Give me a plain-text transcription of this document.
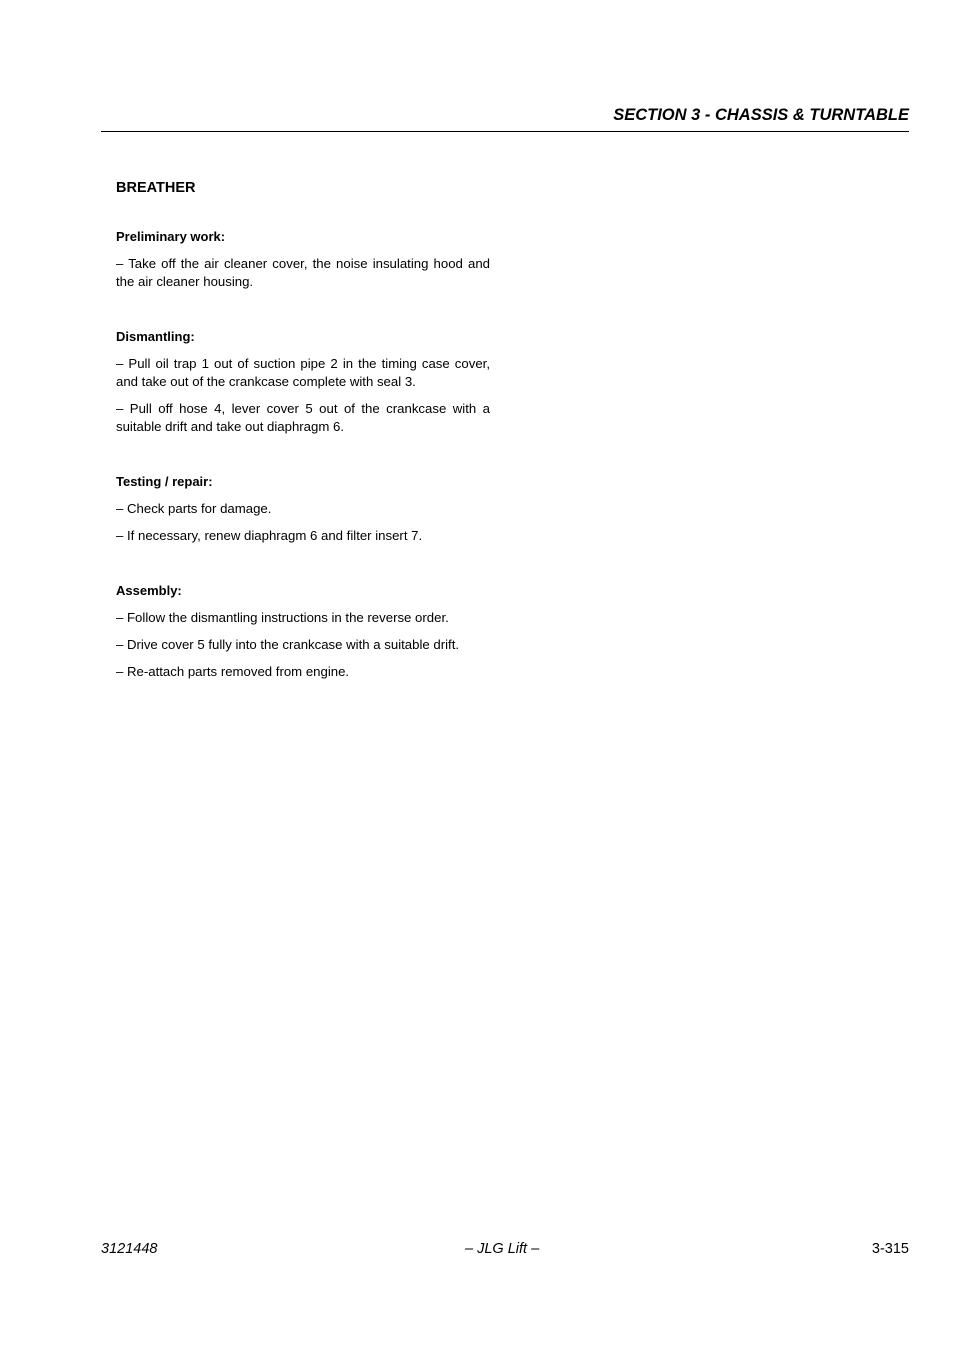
SECTION 3 - CHASSIS & TURNTABLE
BREATHER
Preliminary work:
– Take off the air cleaner cover, the noise insulating hood and the air cleaner housing.
Dismantling:
– Pull oil trap 1 out of suction pipe 2 in the timing case cover, and take out of the crankcase complete with seal 3.
– Pull off hose 4, lever cover 5 out of the crankcase with a suitable drift and take out diaphragm 6.
Testing / repair:
– Check parts for damage.
– If necessary, renew diaphragm 6 and filter insert 7.
Assembly:
– Follow the dismantling instructions in the reverse order.
– Drive cover 5 fully into the crankcase with a suitable drift.
– Re-attach parts removed from engine.
3121448	– JLG Lift –	3-315
